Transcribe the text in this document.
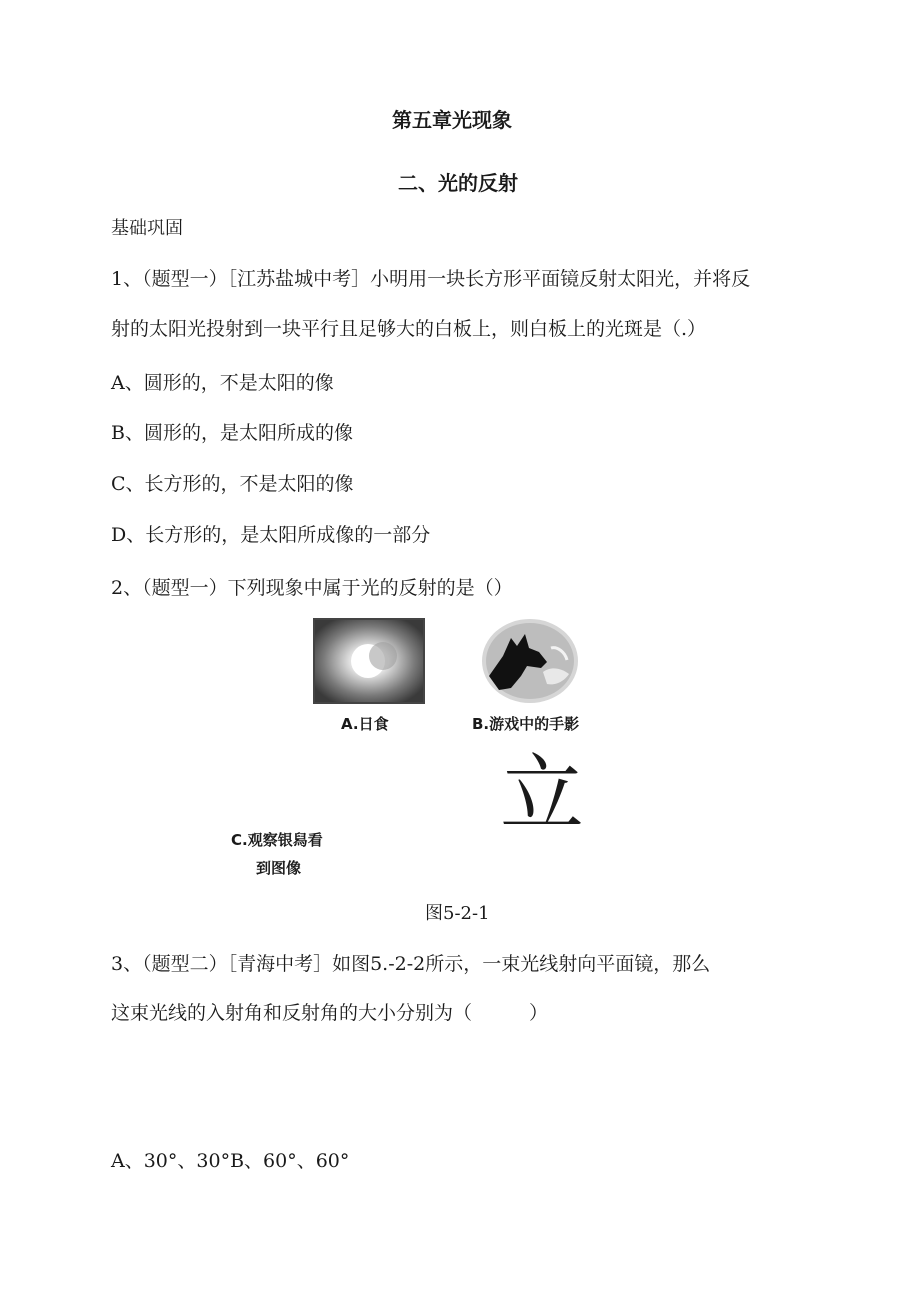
第五章光现象
二、光的反射
基础巩固
1、（题型一）［江苏盐城中考］小明用一块长方形平面镜反射太阳光，并将反
射的太阳光投射到一块平行且足够大的白板上，则白板上的光斑是（.）
A、圆形的，不是太阳的像
B、圆形的，是太阳所成的像
C、长方形的，不是太阳的像
D、长方形的，是太阳所成像的一部分
2、（题型一）下列现象中属于光的反射的是（）
A.日食	B.游戏中的手影
立
C.观察银舄看
到图像
图5-2-1
3、（题型二）［青海中考］如图5.-2-2所示，一束光线射向平面镜，那么
这束光线的入射角和反射角的大小分别为（　　　）
A、30°、30°B、60°、60°
